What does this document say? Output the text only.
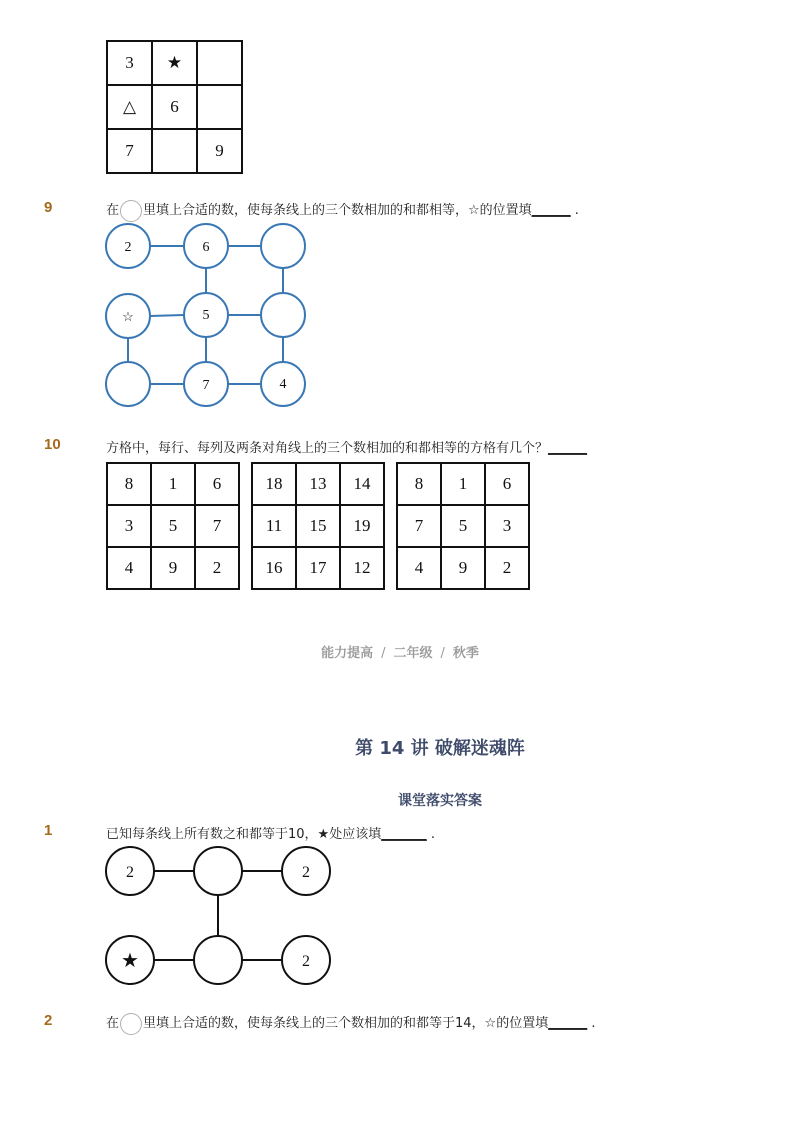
3	★	
△	6	
7		9
9	在 里填上合适的数，使每条线上的三个数相加的和都相等，☆的位置填______ .
2	6
☆	5
7	4
10	方格中，每行、每列及两条对角线上的三个数相加的和都相等的方格有几个？______
8	1	6
3	5	7
4	9	2
18	13	14
11	15	19
16	17	12
8	1	6
7	5	3
4	9	2
能力提高 / 二年级 / 秋季
第 14 讲 破解迷魂阵
课堂落实答案
1	已知每条线上所有数之和都等于10，★处应该填_______ .
2	2
★	2
2	在 里填上合适的数，使每条线上的三个数相加的和都等于14，☆的位置填______ .
